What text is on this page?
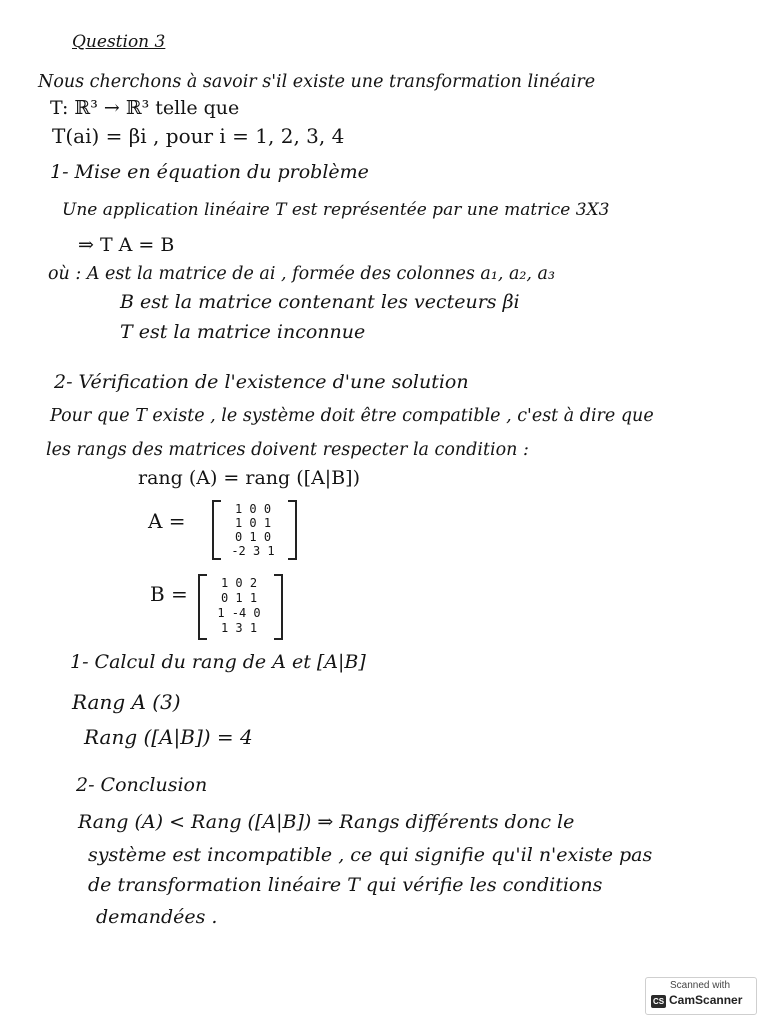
Question 3

Nous cherchons à savoir s'il existe une transformation linéaire

T: ℝ³ → ℝ³ telle que

T(ai) = βi , pour i = 1, 2, 3, 4

1- Mise en équation du problème

Une application linéaire T est représentée par une matrice 3X3

⇒ T A = B

où : A est la matrice de ai , formée des colonnes a₁, a₂, a₃

B est la matrice contenant les vecteurs βi

T est la matrice inconnue

2- Vérification de l'existence d'une solution

Pour que T existe , le système doit être compatible , c'est à dire que

les rangs des matrices doivent respecter la condition :

rang (A) = rang ([A|B])

A =	1 0 0
1 0 1
0 1 0
-2 3 1
B =	1 0 2
0 1 1
1 -4 0
1 3 1

1- Calcul du rang de A et [A|B]

Rang A (3)

Rang ([A|B]) = 4

2- Conclusion

Rang (A) < Rang ([A|B]) ⇒ Rangs différents donc le

système est incompatible , ce qui signifie qu'il n'existe pas

de transformation linéaire T qui vérifie les conditions

demandées .

Scanned with
CS CamScanner
